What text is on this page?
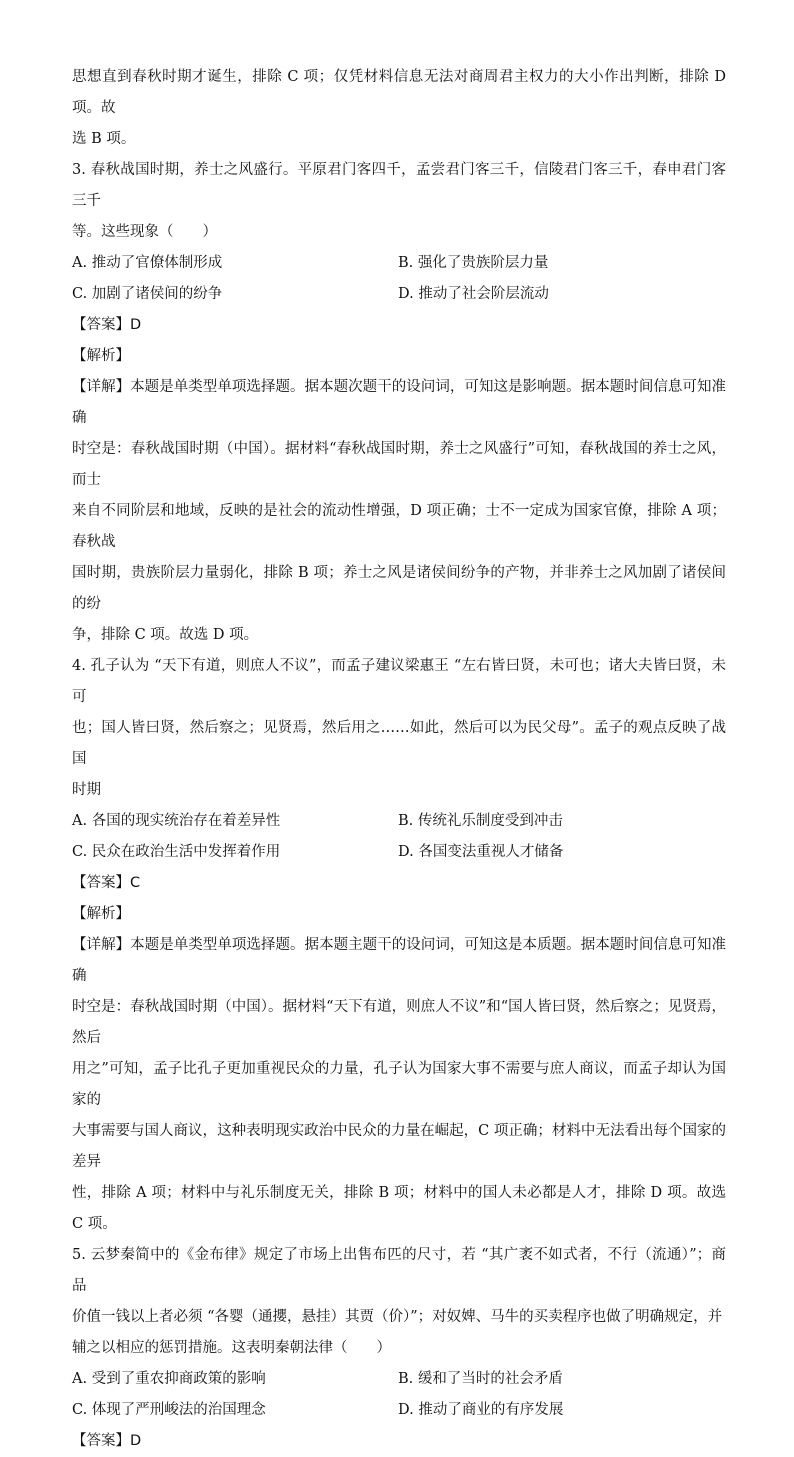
思想直到春秋时期才诞生，排除 C 项；仅凭材料信息无法对商周君主权力的大小作出判断，排除 D 项。故

选 B 项。

3. 春秋战国时期，养士之风盛行。平原君门客四千，孟尝君门客三千，信陵君门客三千，春申君门客三千

等。这些现象（　　）

A. 推动了官僚体制形成	B. 强化了贵族阶层力量
C. 加剧了诸侯间的纷争	D. 推动了社会阶层流动

【答案】D

【解析】

【详解】本题是单类型单项选择题。据本题次题干的设问词，可知这是影响题。据本题时间信息可知准确

时空是：春秋战国时期（中国）。据材料“春秋战国时期，养士之风盛行”可知，春秋战国的养士之风，而士

来自不同阶层和地域，反映的是社会的流动性增强，D 项正确；士不一定成为国家官僚，排除 A 项；春秋战

国时期，贵族阶层力量弱化，排除 B 项；养士之风是诸侯间纷争的产物，并非养士之风加剧了诸侯间的纷

争，排除 C 项。故选 D 项。

4. 孔子认为 “天下有道，则庶人不议”，而孟子建议梁惠王 “左右皆曰贤，未可也；诸大夫皆曰贤，未可

也；国人皆曰贤，然后察之；见贤焉，然后用之……如此，然后可以为民父母”。孟子的观点反映了战国

时期

A. 各国的现实统治存在着差异性	B. 传统礼乐制度受到冲击
C. 民众在政治生活中发挥着作用	D. 各国变法重视人才储备

【答案】C

【解析】

【详解】本题是单类型单项选择题。据本题主题干的设问词，可知这是本质题。据本题时间信息可知准确

时空是：春秋战国时期（中国）。据材料“天下有道，则庶人不议”和“国人皆曰贤，然后察之；见贤焉，然后

用之”可知，孟子比孔子更加重视民众的力量，孔子认为国家大事不需要与庶人商议，而孟子却认为国家的

大事需要与国人商议，这种表明现实政治中民众的力量在崛起，C 项正确；材料中无法看出每个国家的差异

性，排除 A 项；材料中与礼乐制度无关，排除 B 项；材料中的国人未必都是人才，排除 D 项。故选 C 项。

5. 云梦秦简中的《金布律》规定了市场上出售布匹的尺寸，若 “其广袤不如式者，不行（流通）”；商品

价值一钱以上者必须 “各婴（通攖，悬挂）其贾（价）”；对奴婢、马牛的买卖程序也做了明确规定，并

辅之以相应的惩罚措施。这表明秦朝法律（　　）

A. 受到了重农抑商政策的影响	B. 缓和了当时的社会矛盾
C. 体现了严刑峻法的治国理念	D. 推动了商业的有序发展

【答案】D
